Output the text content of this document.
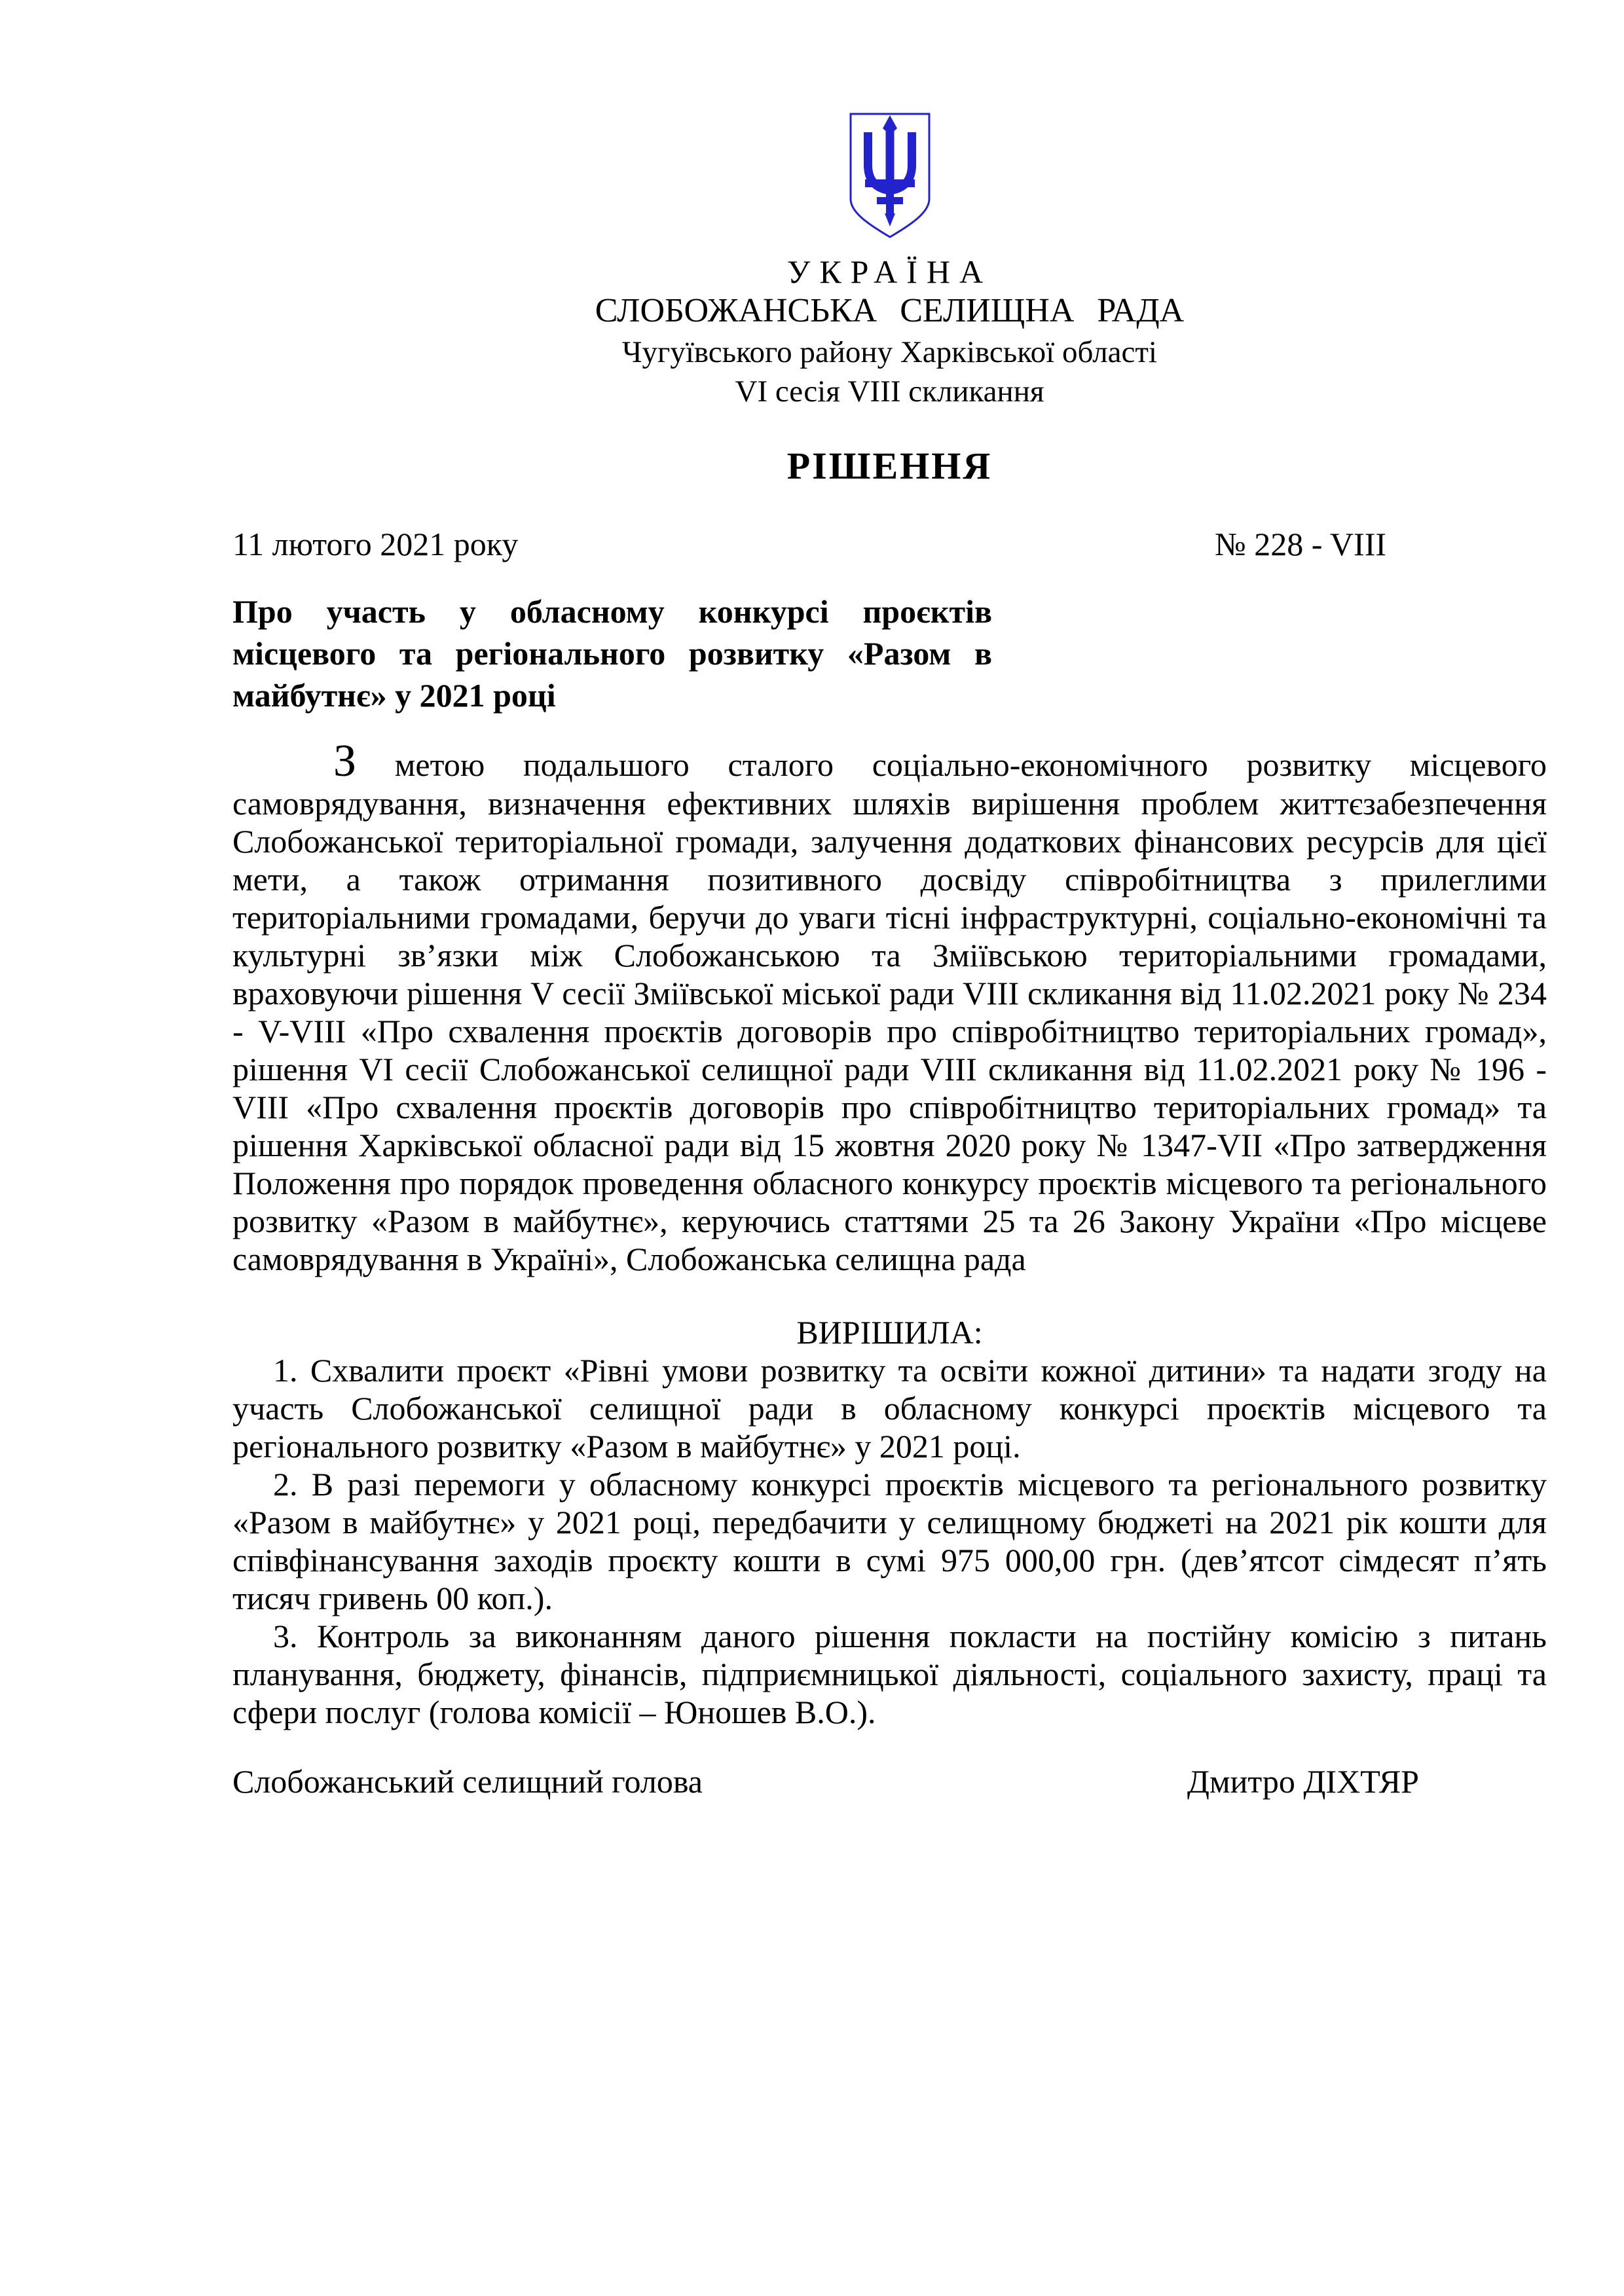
УКРАЇНА
СЛОБОЖАНСЬКА СЕЛИЩНА РАДА
Чугуївського району Харківської області
VI сесія VIII скликання
РІШЕННЯ
11 лютого 2021 року	№ 228 - VIII
Про участь у обласному конкурсі проєктів місцевого та регіонального розвитку «Разом в майбутнє» у 2021 році

З метою подальшого сталого соціально-економічного розвитку місцевого самоврядування, визначення ефективних шляхів вирішення проблем життєзабезпечення Слобожанської територіальної громади, залучення додаткових фінансових ресурсів для цієї мети, а також отримання позитивного досвіду співробітництва з прилеглими територіальними громадами, беручи до уваги тісні інфраструктурні, соціально-економічні та культурні зв’язки між Слобожанською та Зміївською територіальними громадами, враховуючи рішення V сесії Зміївської міської ради VIII скликання від 11.02.2021 року № 234 - V-VIII «Про схвалення проєктів договорів про співробітництво територіальних громад», рішення VI сесії Слобожанської селищної ради VIII скликання від 11.02.2021 року № 196 - VIII «Про схвалення проєктів договорів про співробітництво територіальних громад» та рішення Харківської обласної ради від 15 жовтня 2020 року № 1347-VII «Про затвердження Положення про порядок проведення обласного конкурсу проєктів місцевого та регіонального розвитку «Разом в майбутнє», керуючись статтями 25 та 26 Закону України «Про місцеве самоврядування в Україні», Слобожанська селищна рада

ВИРІШИЛА:

1. Схвалити проєкт «Рівні умови розвитку та освіти кожної дитини» та надати згоду на участь Слобожанської селищної ради в обласному конкурсі проєктів місцевого та регіонального розвитку «Разом в майбутнє» у 2021 році.

2. В разі перемоги у обласному конкурсі проєктів місцевого та регіонального розвитку «Разом в майбутнє» у 2021 році, передбачити у селищному бюджеті на 2021 рік кошти для співфінансування заходів проєкту кошти в сумі 975 000,00 грн. (дев’ятсот сімдесят п’ять тисяч гривень 00 коп.).

3. Контроль за виконанням даного рішення покласти на постійну комісію з питань планування, бюджету, фінансів, підприємницької діяльності, соціального захисту, праці та сфери послуг (голова комісії – Юношев В.О.).

Слобожанський селищний голова	Дмитро ДІХТЯР
